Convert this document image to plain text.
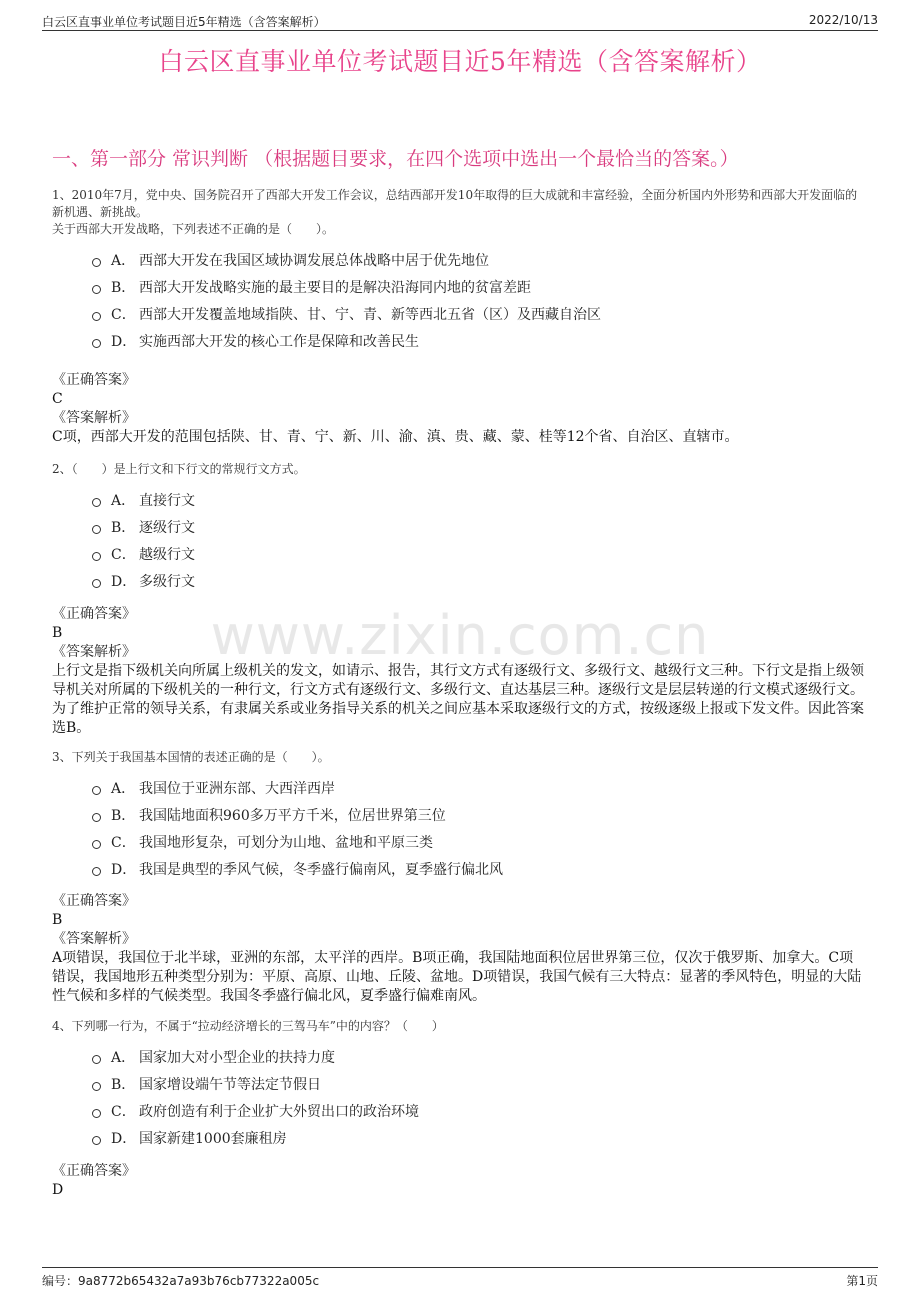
白云区直事业单位考试题目近5年精选（含答案解析）	2022/10/13
白云区直事业单位考试题目近5年精选（含答案解析）
一、第一部分 常识判断 （根据题目要求，在四个选项中选出一个最恰当的答案。）
www.zixin.com.cn
1、2010年7月，党中央、国务院召开了西部大开发工作会议，总结西部开发10年取得的巨大成就和丰富经验，全面分析国内外形势和西部大开发面临的新机遇、新挑战。
关于西部大开发战略，下列表述不正确的是（　　）。
A． 西部大开发在我国区域协调发展总体战略中居于优先地位
B． 西部大开发战略实施的最主要目的是解决沿海同内地的贫富差距
C． 西部大开发覆盖地域指陕、甘、宁、青、新等西北五省（区）及西藏自治区
D． 实施西部大开发的核心工作是保障和改善民生
《正确答案》
C
《答案解析》
C项，西部大开发的范围包括陕、甘、青、宁、新、川、渝、滇、贵、藏、蒙、桂等12个省、自治区、直辖市。
2、（　　）是上行文和下行文的常规行文方式。
A． 直接行文
B． 逐级行文
C． 越级行文
D． 多级行文
《正确答案》
B
《答案解析》
上行文是指下级机关向所属上级机关的发文，如请示、报告，其行文方式有逐级行文、多级行文、越级行文三种。下行文是指上级领导机关对所属的下级机关的一种行文，行文方式有逐级行文、多级行文、直达基层三种。逐级行文是层层转递的行文模式逐级行文。为了维护正常的领导关系，有隶属关系或业务指导关系的机关之间应基本采取逐级行文的方式，按级逐级上报或下发文件。因此答案选B。
3、下列关于我国基本国情的表述正确的是（　　）。
A． 我国位于亚洲东部、大西洋西岸
B． 我国陆地面积960多万平方千米，位居世界第三位
C． 我国地形复杂，可划分为山地、盆地和平原三类
D． 我国是典型的季风气候，冬季盛行偏南风，夏季盛行偏北风
《正确答案》
B
《答案解析》
A项错误，我国位于北半球，亚洲的东部，太平洋的西岸。B项正确，我国陆地面积位居世界第三位，仅次于俄罗斯、加拿大。C项错误，我国地形五种类型分别为：平原、高原、山地、丘陵、盆地。D项错误，我国气候有三大特点：显著的季风特色，明显的大陆性气候和多样的气候类型。我国冬季盛行偏北风，夏季盛行偏难南风。
4、下列哪一行为，不属于“拉动经济增长的三驾马车”中的内容？（　　）
A． 国家加大对小型企业的扶持力度
B． 国家增设端午节等法定节假日
C． 政府创造有利于企业扩大外贸出口的政治环境
D． 国家新建1000套廉租房
《正确答案》
D
编号：9a8772b65432a7a93b76cb77322a005c	第1页
